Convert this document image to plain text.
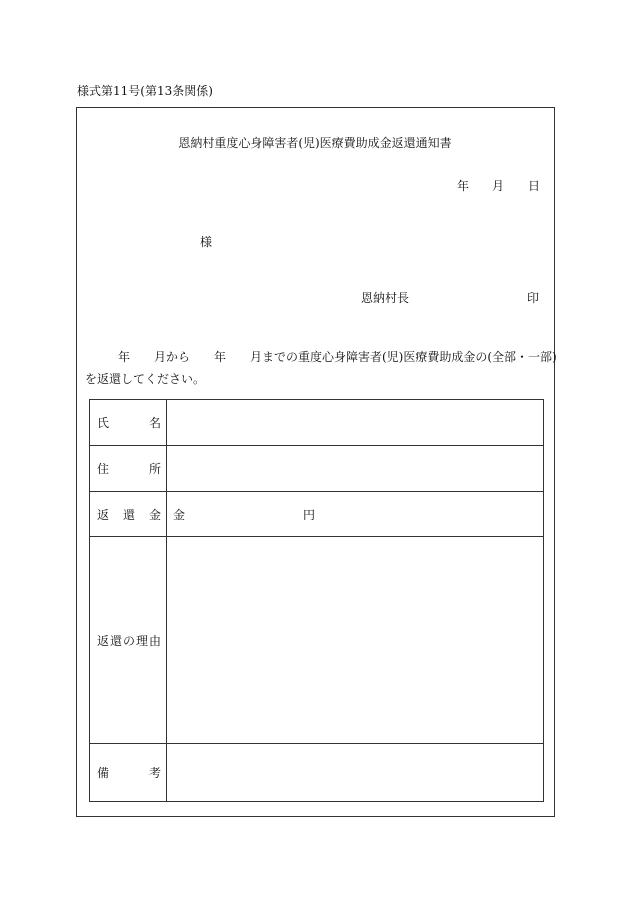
様式第11号(第13条関係)
恩納村重度心身障害者(児)医療費助成金返還通知書
年 月 日
様
恩納村長	印
年 月から 年 月までの重度心身障害者(児)医療費助成金の(全部・一部)
を返還してください。
氏 名	

住 所	

返 還 金	金 円

返 還 の 理 由	

備 考	
